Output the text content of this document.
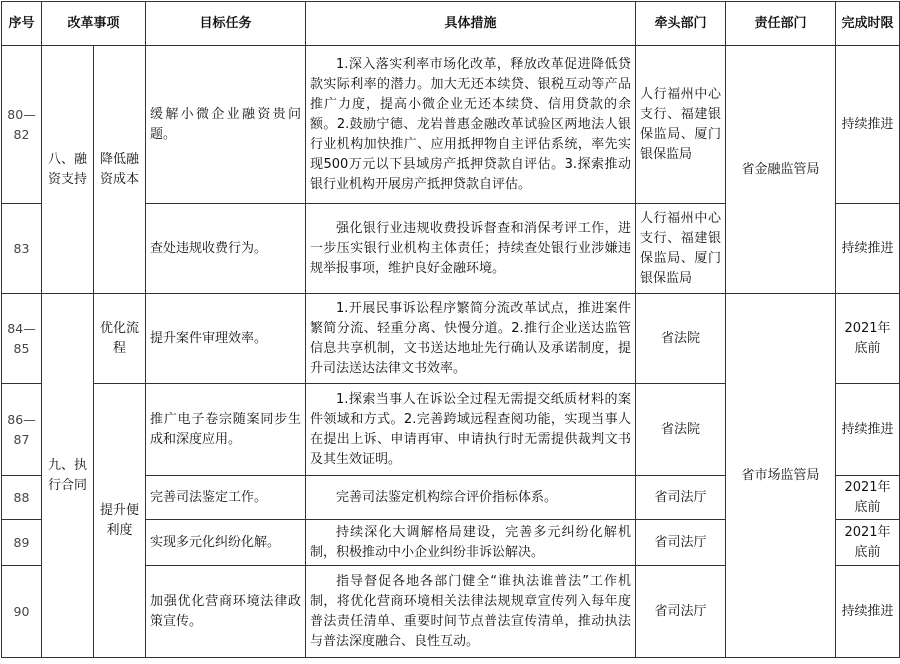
序号	改革事项		目标任务	具体措施	牵头部门	责任部门	完成时限
80—82	八、融资支持	降低融资成本	缓解小微企业融资贵问题。	1.深入落实利率市场化改革，释放改革促进降低贷款实际利率的潜力。加大无还本续贷、银税互动等产品推广力度，提高小微企业无还本续贷、信用贷款的余额。2.鼓励宁德、龙岩普惠金融改革试验区两地法人银行业机构加快推广、应用抵押物自主评估系统，率先实现500万元以下县域房产抵押贷款自评估。3.探索推动银行业机构开展房产抵押贷款自评估。	人行福州中心支行、福建银保监局、厦门银保监局	省金融监管局	持续推进
83			查处违规收费行为。	强化银行业违规收费投诉督查和消保考评工作，进一步压实银行业机构主体责任；持续查处银行业涉嫌违规举报事项，维护良好金融环境。	人行福州中心支行、福建银保监局、厦门银保监局		持续推进
84—85	九、执行合同	优化流程	提升案件审理效率。	1.开展民事诉讼程序繁简分流改革试点，推进案件繁简分流、轻重分离、快慢分道。2.推行企业送达监管信息共享机制，文书送达地址先行确认及承诺制度，提升司法送达法律文书效率。	省法院	省市场监管局	2021年底前
86—87		提升便利度	推广电子卷宗随案同步生成和深度应用。	1.探索当事人在诉讼全过程无需提交纸质材料的案件领域和方式。2.完善跨域远程查阅功能，实现当事人在提出上诉、申请再审、申请执行时无需提供裁判文书及其生效证明。	省法院		持续推进
88			完善司法鉴定工作。	完善司法鉴定机构综合评价指标体系。	省司法厅		2021年底前
89			实现多元化纠纷化解。	持续深化大调解格局建设，完善多元纠纷化解机制，积极推动中小企业纠纷非诉讼解决。	省司法厅		2021年底前
90			加强优化营商环境法律政策宣传。	指导督促各地各部门健全“谁执法谁普法”工作机制，将优化营商环境相关法律法规规章宣传列入每年度普法责任清单、重要时间节点普法宣传清单，推动执法与普法深度融合、良性互动。	省司法厅		持续推进
